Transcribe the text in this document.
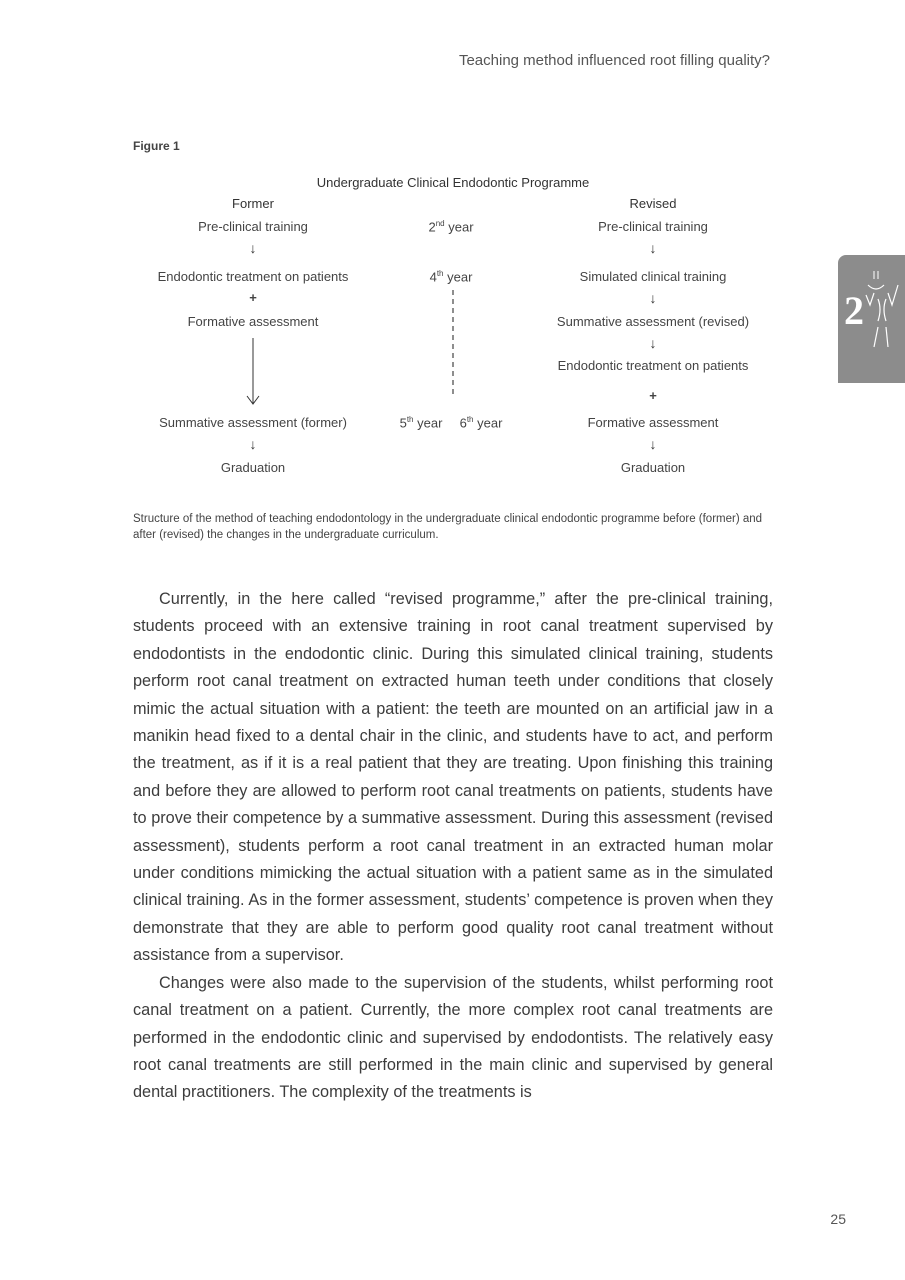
Teaching method influenced root filling quality?
Figure 1
Undergraduate Clinical Endodontic Programme
Former
Pre-clinical training
↓
Endodontic treatment on patients
+
Formative assessment
Summative assessment (former)
↓
Graduation
2nd year
4th year
5th year 6th year
Revised
Pre-clinical training
↓
Simulated clinical training
↓
Summative assessment (revised)
↓
Endodontic treatment on patients
+
Formative assessment
↓
Graduation
Structure of the method of teaching endodontology in the undergraduate clinical endodontic programme before (former) and after (revised) the changes in the undergraduate curriculum.

Currently, in the here called “revised programme,” after the pre-clinical training, students proceed with an extensive training in root canal treatment supervised by endodontists in the endodontic clinic. During this simulated clinical training, students perform root canal treatment on extracted human teeth under conditions that closely mimic the actual situation with a patient: the teeth are mounted on an artificial jaw in a manikin head fixed to a dental chair in the clinic, and students have to act, and perform the treatment, as if it is a real patient that they are treating. Upon finishing this training and before they are allowed to perform root canal treatments on patients, students have to prove their competence by a summative assessment. During this assessment (revised assessment), students perform a root canal treatment in an extracted human molar under conditions mimicking the actual situation with a patient same as in the simulated clinical training. As in the former assessment, students’ competence is proven when they demonstrate that they are able to perform good quality root canal treatment without assistance from a supervisor.

Changes were also made to the supervision of the students, whilst performing root canal treatment on a patient. Currently, the more complex root canal treatments are performed in the endodontic clinic and supervised by endodontists. The relatively easy root canal treatments are still performed in the main clinic and supervised by general dental practitioners. The complexity of the treatments is

2
25
